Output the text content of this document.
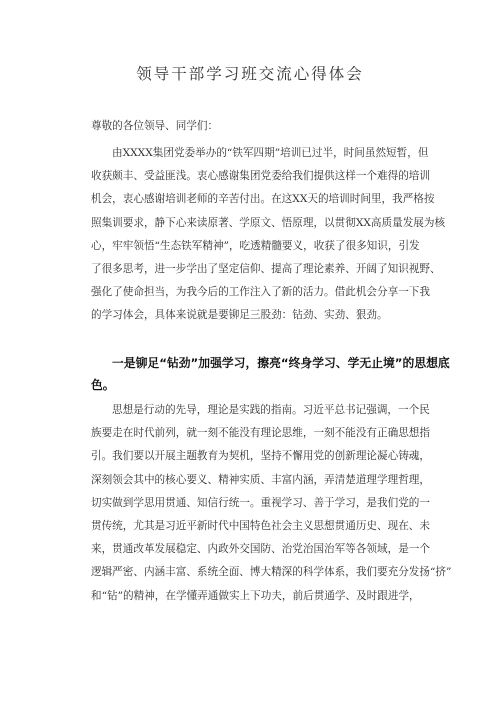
领导干部学习班交流心得体会
尊敬的各位领导、同学们：
由XXXX集团党委举办的“铁军四期”培训已过半，时间虽然短暂，但
收获颇丰、受益匪浅。衷心感谢集团党委给我们提供这样一个难得的培训
机会，衷心感谢培训老师的辛苦付出。在这XX天的培训时间里，我严格按
照集训要求，静下心来读原著、学原文、悟原理，以贯彻XX高质量发展为核
心，牢牢领悟“生态铁军精神”，吃透精髓要义，收获了很多知识，引发
了很多思考，进一步学出了坚定信仰、提高了理论素养、开阔了知识视野、
强化了使命担当，为我今后的工作注入了新的活力。借此机会分享一下我
的学习体会，具体来说就是要铆足三股劲：钻劲、实劲、狠劲。
一是铆足“钻劲”加强学习，擦亮“终身学习、学无止境”的思想底
色。
思想是行动的先导，理论是实践的指南。习近平总书记强调，一个民
族要走在时代前列，就一刻不能没有理论思维，一刻不能没有正确思想指
引。我们要以开展主题教育为契机，坚持不懈用党的创新理论凝心铸魂，
深刻领会其中的核心要义、精神实质、丰富内涵，弄清楚道理学理哲理，
切实做到学思用贯通、知信行统一。重视学习、善于学习，是我们党的一
贯传统，尤其是习近平新时代中国特色社会主义思想贯通历史、现在、未
来，贯通改革发展稳定、内政外交国防、治党治国治军等各领域，是一个
逻辑严密、内涵丰富、系统全面、博大精深的科学体系，我们要充分发扬“挤”
和“钻”的精神，在学懂弄通做实上下功夫，前后贯通学、及时跟进学，
